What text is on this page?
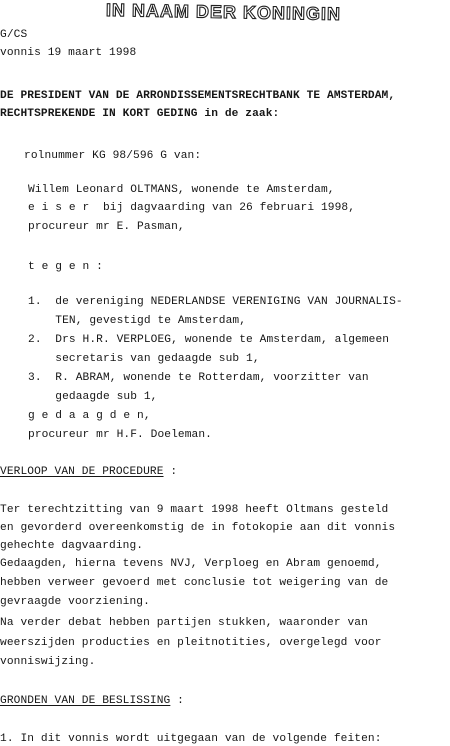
IN NAAM DER KONINGIN
G/CS
vonnis 19 maart 1998
DE PRESIDENT VAN DE ARRONDISSEMENTSRECHTBANK TE AMSTERDAM,
RECHTSPREKENDE IN KORT GEDING in de zaak:
rolnummer KG 98/596 G van:
Willem Leonard OLTMANS, wonende te Amsterdam,
e i s e r  bij dagvaarding van 26 februari 1998,
procureur mr E. Pasman,
t e g e n :
1.  de vereniging NEDERLANDSE VERENIGING VAN JOURNALIS-
TEN, gevestigd te Amsterdam,
2.  Drs H.R. VERPLOEG, wonende te Amsterdam, algemeen
secretaris van gedaagde sub 1,
3.  R. ABRAM, wonende te Rotterdam, voorzitter van
gedaagde sub 1,
g e d a a g d e n,
procureur mr H.F. Doeleman.
VERLOOP VAN DE PROCEDURE :
Ter terechtzitting van 9 maart 1998 heeft Oltmans gesteld
en gevorderd overeenkomstig de in fotokopie aan dit vonnis
gehechte dagvaarding.
Gedaagden, hierna tevens NVJ, Verploeg en Abram genoemd,
hebben verweer gevoerd met conclusie tot weigering van de
gevraagde voorziening.
Na verder debat hebben partijen stukken, waaronder van
weerszijden producties en pleitnotities, overgelegd voor
vonniswijzing.
GRONDEN VAN DE BESLISSING :
1. In dit vonnis wordt uitgegaan van de volgende feiten:
